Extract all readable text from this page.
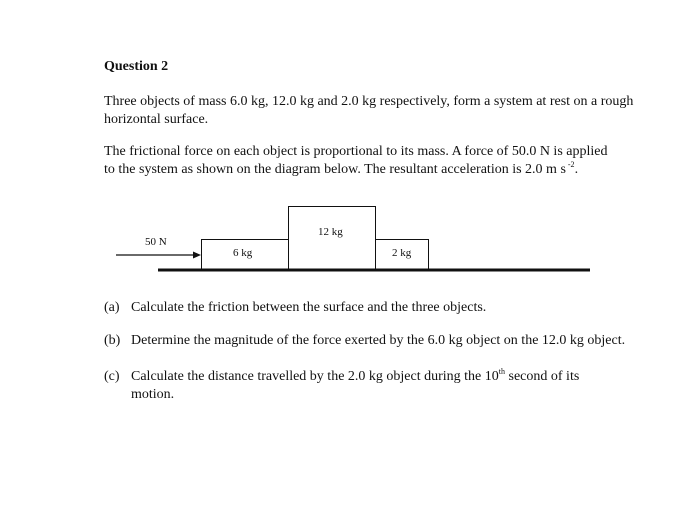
Question 2
Three objects of mass 6.0 kg, 12.0 kg and 2.0 kg respectively, form a system at rest on a rough
horizontal surface.
The frictional force on each object is proportional to its mass. A force of 50.0 N is applied
to the system as shown on the diagram below. The resultant acceleration is 2.0 m s $^{-2}$.
50 N
6 kg
12 kg
2 kg
(a) Calculate the friction between the surface and the three objects.
(b) Determine the magnitude of the force exerted by the 6.0 kg object on the 12.0 kg object.
(c) Calculate the distance travelled by the 2.0 kg object during the 10th second of its
motion.
